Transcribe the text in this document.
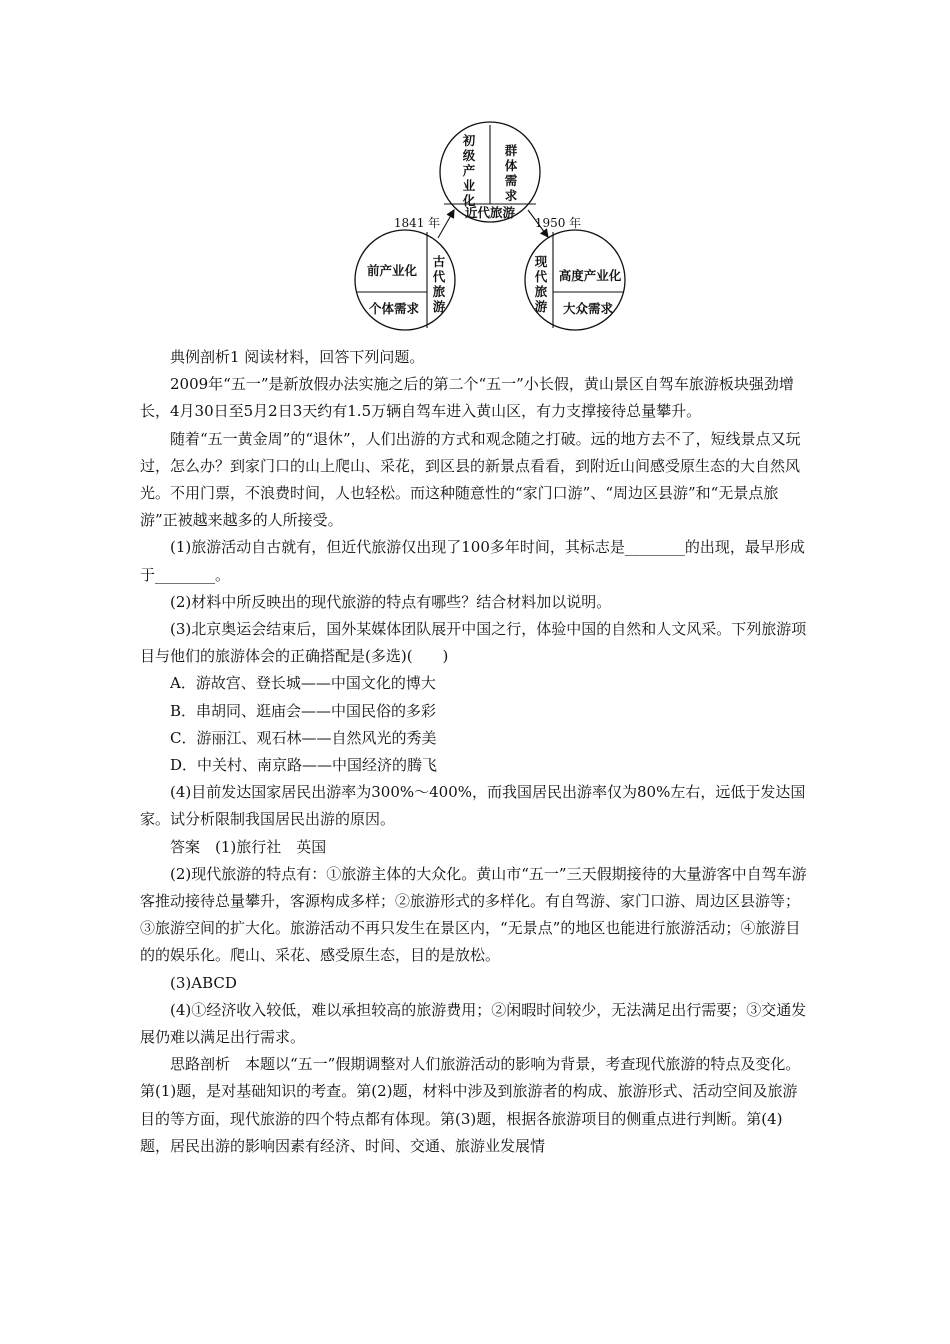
初级产业化
群体需求
近代旅游
前产业化
个体需求
古代旅游
现代旅游
高度产业化
大众需求
1841 年	1950 年

典例剖析1 阅读材料，回答下列问题。

2009年“五一”是新放假办法实施之后的第二个“五一”小长假，黄山景区自驾车旅游板块强劲增长，4月30日至5月2日3天约有1.5万辆自驾车进入黄山区，有力支撑接待总量攀升。

随着“五一黄金周”的“退休”，人们出游的方式和观念随之打破。远的地方去不了，短线景点又玩过，怎么办？到家门口的山上爬山、采花，到区县的新景点看看，到附近山间感受原生态的大自然风光。不用门票，不浪费时间，人也轻松。而这种随意性的“家门口游”、“周边区县游”和“无景点旅游”正被越来越多的人所接受。

(1)旅游活动自古就有，但近代旅游仅出现了100多年时间，其标志是________的出现，最早形成于________。

(2)材料中所反映出的现代旅游的特点有哪些？结合材料加以说明。

(3)北京奥运会结束后，国外某媒体团队展开中国之行，体验中国的自然和人文风采。下列旅游项目与他们的旅游体会的正确搭配是(多选)(　　)

A．游故宫、登长城——中国文化的博大

B．串胡同、逛庙会——中国民俗的多彩

C．游丽江、观石林——自然风光的秀美

D．中关村、南京路——中国经济的腾飞

(4)目前发达国家居民出游率为300%～400%，而我国居民出游率仅为80%左右，远低于发达国家。试分析限制我国居民出游的原因。

答案　(1)旅行社　英国

(2)现代旅游的特点有：①旅游主体的大众化。黄山市“五一”三天假期接待的大量游客中自驾车游客推动接待总量攀升，客源构成多样；②旅游形式的多样化。有自驾游、家门口游、周边区县游等；③旅游空间的扩大化。旅游活动不再只发生在景区内，“无景点”的地区也能进行旅游活动；④旅游目的的娱乐化。爬山、采花、感受原生态，目的是放松。

(3)ABCD

(4)①经济收入较低，难以承担较高的旅游费用；②闲暇时间较少，无法满足出行需要；③交通发展仍难以满足出行需求。

思路剖析　本题以“五一”假期调整对人们旅游活动的影响为背景，考查现代旅游的特点及变化。第(1)题，是对基础知识的考查。第(2)题，材料中涉及到旅游者的构成、旅游形式、活动空间及旅游目的等方面，现代旅游的四个特点都有体现。第(3)题，根据各旅游项目的侧重点进行判断。第(4)题，居民出游的影响因素有经济、时间、交通、旅游业发展情
